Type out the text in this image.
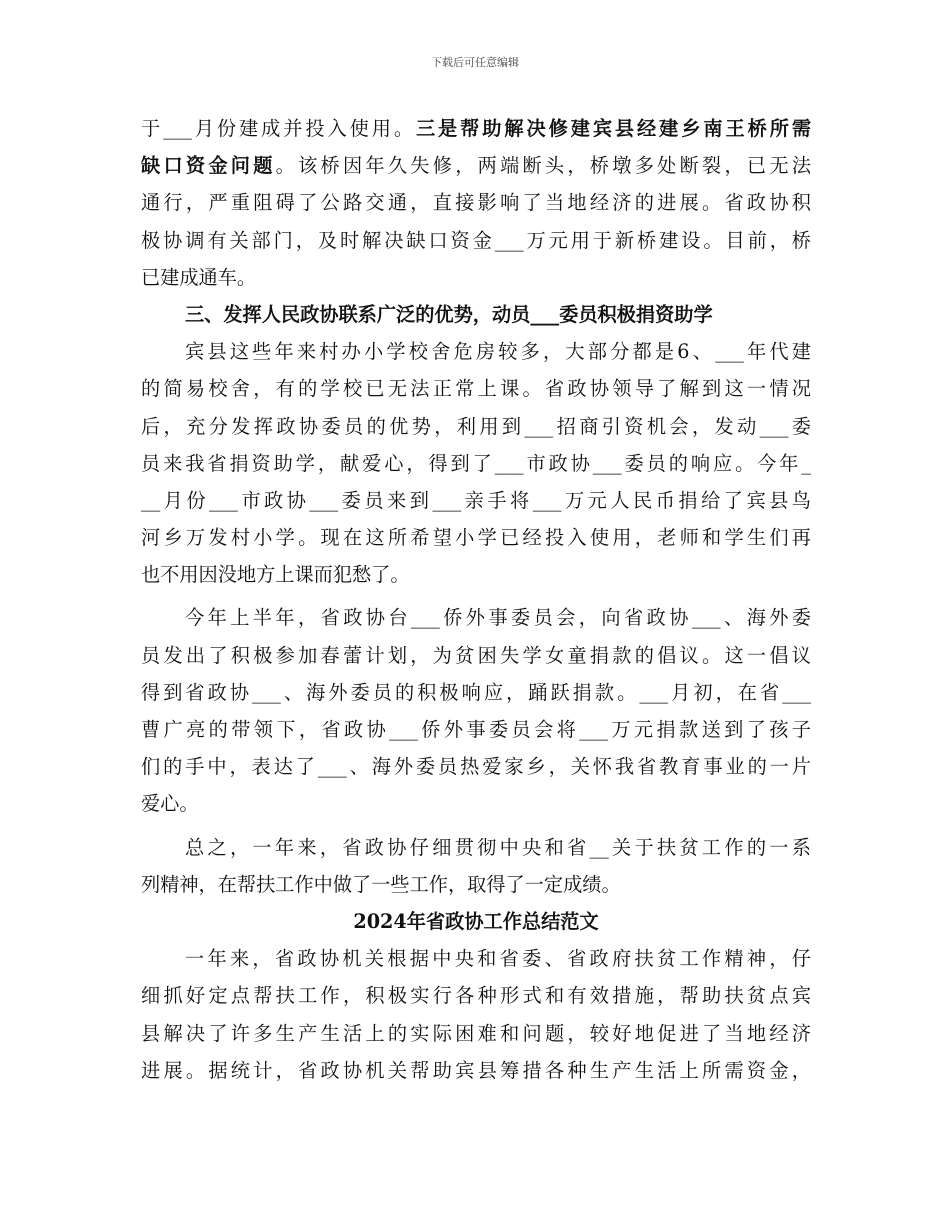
下载后可任意编辑
于___月份建成并投入使用。三是帮助解决修建宾县经建乡南王桥所需
缺口资金问题。该桥因年久失修，两端断头，桥墩多处断裂，已无法
通行，严重阻碍了公路交通，直接影响了当地经济的进展。省政协积
极协调有关部门，及时解决缺口资金___万元用于新桥建设。目前，桥
已建成通车。
三、发挥人民政协联系广泛的优势，动员___委员积极捐资助学
宾县这些年来村办小学校舍危房较多，大部分都是6、___年代建
的简易校舍，有的学校已无法正常上课。省政协领导了解到这一情况
后，充分发挥政协委员的优势，利用到___招商引资机会，发动___委
员来我省捐资助学，献爱心，得到了___市政协___委员的响应。今年_
__月份___市政协___委员来到___亲手将___万元人民币捐给了宾县鸟
河乡万发村小学。现在这所希望小学已经投入使用，老师和学生们再
也不用因没地方上课而犯愁了。
今年上半年，省政协台___侨外事委员会，向省政协___、海外委
员发出了积极参加春蕾计划，为贫困失学女童捐款的倡议。这一倡议
得到省政协___、海外委员的积极响应，踊跃捐款。___月初，在省___
曹广亮的带领下，省政协___侨外事委员会将___万元捐款送到了孩子
们的手中，表达了___、海外委员热爱家乡，关怀我省教育事业的一片
爱心。
总之，一年来，省政协仔细贯彻中央和省__关于扶贫工作的一系
列精神，在帮扶工作中做了一些工作，取得了一定成绩。
2024年省政协工作总结范文
一年来，省政协机关根据中央和省委、省政府扶贫工作精神，仔
细抓好定点帮扶工作，积极实行各种形式和有效措施，帮助扶贫点宾
县解决了许多生产生活上的实际困难和问题，较好地促进了当地经济
进展。据统计，省政协机关帮助宾县筹措各种生产生活上所需资金，
